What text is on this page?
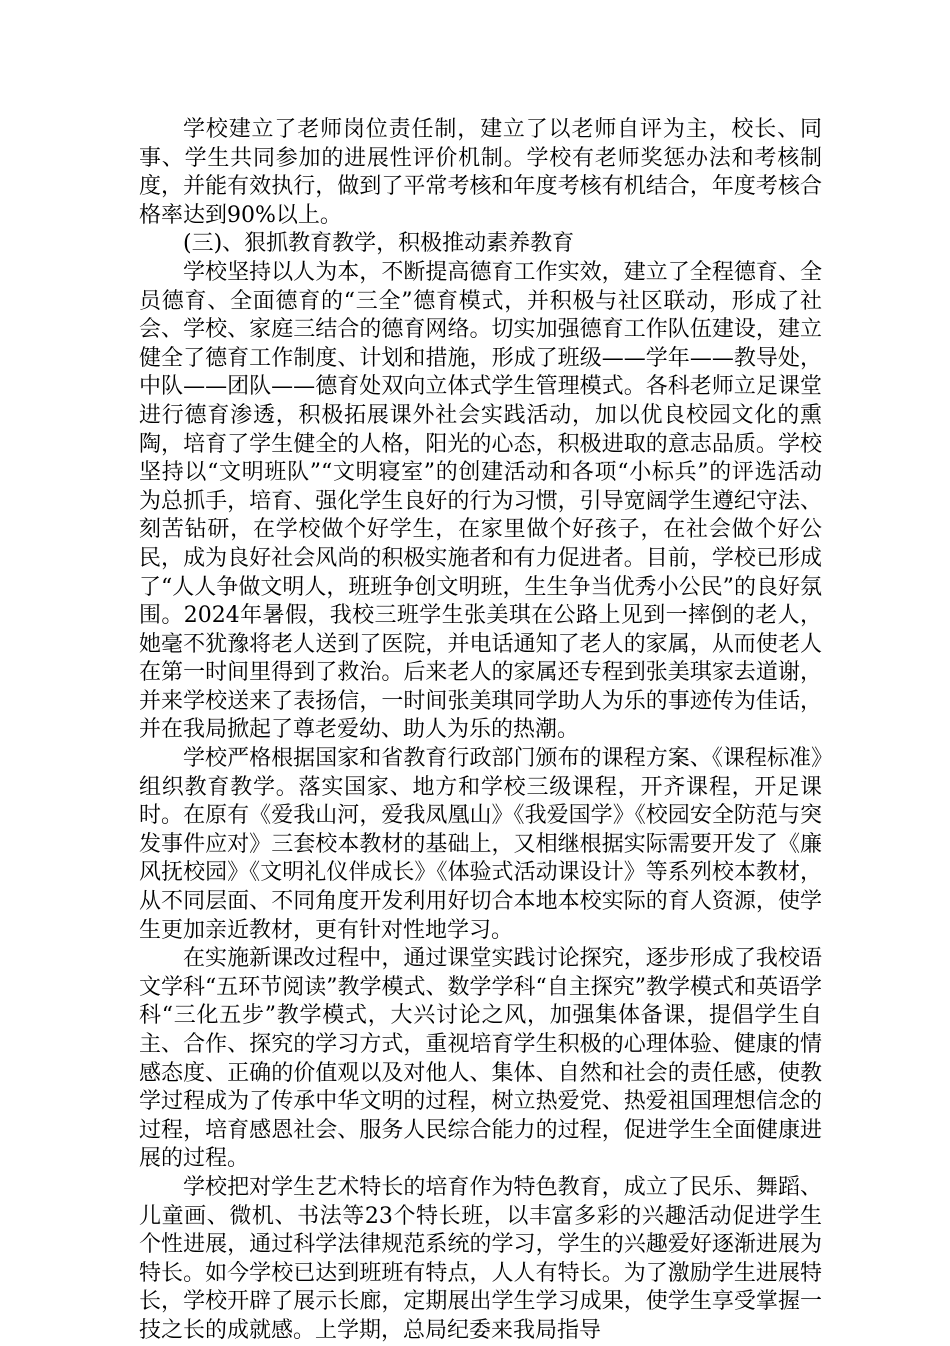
学校建立了老师岗位责任制，建立了以老师自评为主，校长、同事、学生共同参加的进展性评价机制。学校有老师奖惩办法和考核制度，并能有效执行，做到了平常考核和年度考核有机结合，年度考核合格率达到90%以上。

(三)、狠抓教育教学，积极推动素养教育

学校坚持以人为本，不断提高德育工作实效，建立了全程德育、全员德育、全面德育的“三全”德育模式，并积极与社区联动，形成了社会、学校、家庭三结合的德育网络。切实加强德育工作队伍建设，建立健全了德育工作制度、计划和措施，形成了班级——学年——教导处，中队——团队——德育处双向立体式学生管理模式。各科老师立足课堂进行德育渗透，积极拓展课外社会实践活动，加以优良校园文化的熏陶，培育了学生健全的人格，阳光的心态，积极进取的意志品质。学校坚持以“文明班队”“文明寝室”的创建活动和各项“小标兵”的评选活动为总抓手，培育、强化学生良好的行为习惯，引导宽阔学生遵纪守法、刻苦钻研，在学校做个好学生，在家里做个好孩子，在社会做个好公民，成为良好社会风尚的积极实施者和有力促进者。目前，学校已形成了“人人争做文明人，班班争创文明班，生生争当优秀小公民”的良好氛围。2024年暑假，我校三班学生张美琪在公路上见到一摔倒的老人，她毫不犹豫将老人送到了医院，并电话通知了老人的家属，从而使老人在第一时间里得到了救治。后来老人的家属还专程到张美琪家去道谢，并来学校送来了表扬信，一时间张美琪同学助人为乐的事迹传为佳话，并在我局掀起了尊老爱幼、助人为乐的热潮。

学校严格根据国家和省教育行政部门颁布的课程方案、《课程标准》组织教育教学。落实国家、地方和学校三级课程，开齐课程，开足课时。在原有《爱我山河，爱我凤凰山》《我爱国学》《校园安全防范与突发事件应对》三套校本教材的基础上，又相继根据实际需要开发了《廉风抚校园》《文明礼仪伴成长》《体验式活动课设计》等系列校本教材，从不同层面、不同角度开发利用好切合本地本校实际的育人资源，使学生更加亲近教材，更有针对性地学习。

在实施新课改过程中，通过课堂实践讨论探究，逐步形成了我校语文学科“五环节阅读”教学模式、数学学科“自主探究”教学模式和英语学科“三化五步”教学模式，大兴讨论之风，加强集体备课，提倡学生自主、合作、探究的学习方式，重视培育学生积极的心理体验、健康的情感态度、正确的价值观以及对他人、集体、自然和社会的责任感，使教学过程成为了传承中华文明的过程，树立热爱党、热爱祖国理想信念的过程，培育感恩社会、服务人民综合能力的过程，促进学生全面健康进展的过程。

学校把对学生艺术特长的培育作为特色教育，成立了民乐、舞蹈、儿童画、微机、书法等23个特长班，以丰富多彩的兴趣活动促进学生个性进展，通过科学法律规范系统的学习，学生的兴趣爱好逐渐进展为特长。如今学校已达到班班有特点，人人有特长。为了激励学生进展特长，学校开辟了展示长廊，定期展出学生学习成果，使学生享受掌握一技之长的成就感。上学期，总局纪委来我局指导
